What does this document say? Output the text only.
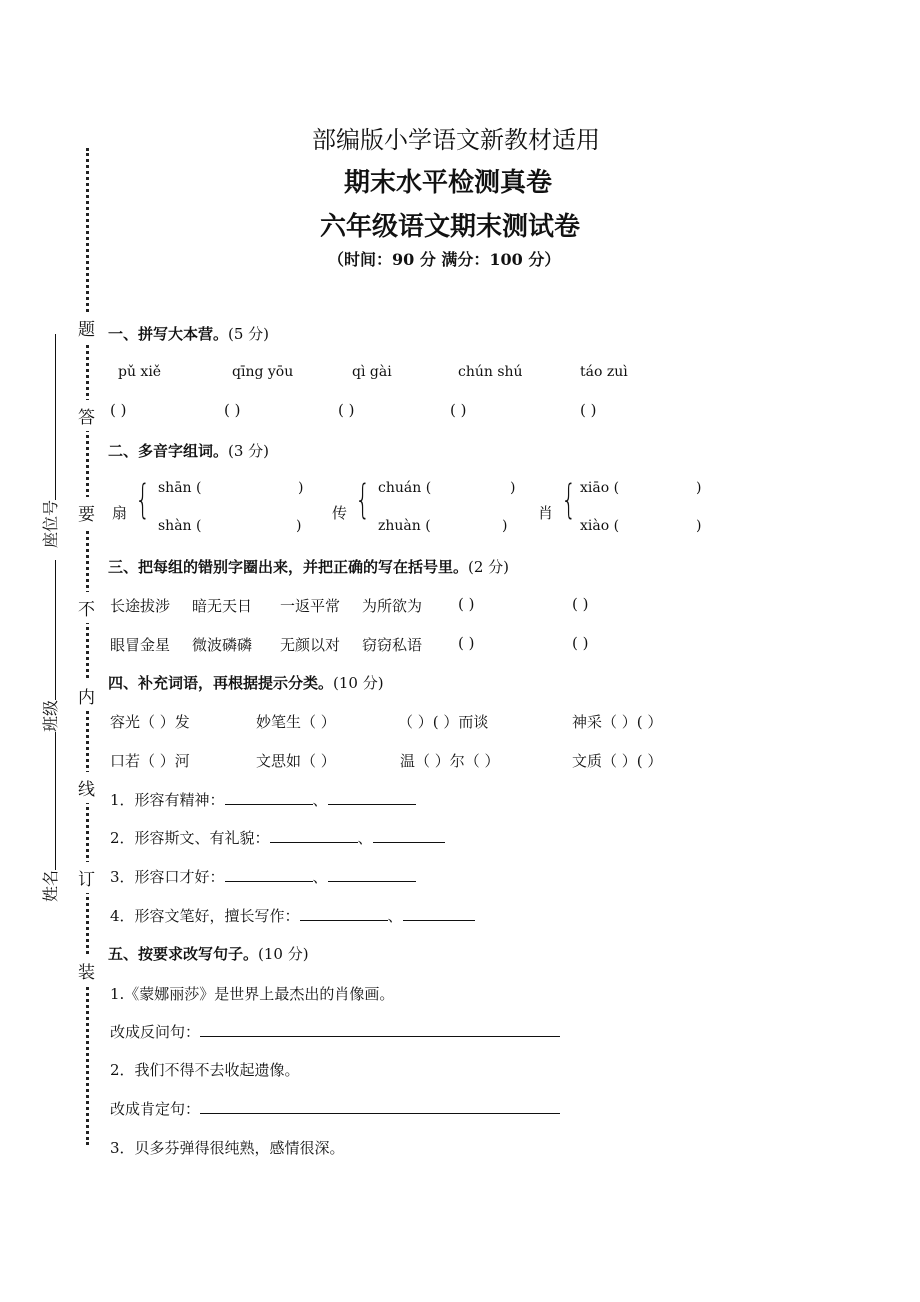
题
答
要
不
内
线
订
装
座位号
班级
姓名
部编版小学语文新教材适用
期末水平检测真卷
六年级语文期末测试卷
（时间：90 分 满分：100 分）
一、拼写大本营。(5 分)
pǔ xiě	qīng yōu	qì gài	chún shú	táo zuì
( )	( )	( )	( )	( )
二、多音字组词。(3 分)
扇 { shān (	)
shàn (	)
传 { chuán (	)
zhuàn (	)
肖 { xiāo (	)
xiào (	)
三、把每组的错别字圈出来，并把正确的写在括号里。(2 分)
长途拔涉 暗无天日 一返平常 为所欲为 ( )	( )
眼冒金星 微波磷磷 无颜以对 窃窃私语 ( )	( )
四、补充词语，再根据提示分类。(10 分)
容光（ ）发	妙笔生（ ）	（ ）( ）而谈	神采（ ）( ）
口若（ ）河	文思如（ ）	温（ ）尔（ ）	文质（ ）( ）
1．形容有精神：	、
2．形容斯文、有礼貌：	、
3．形容口才好：	、
4．形容文笔好，擅长写作：	、
五、按要求改写句子。(10 分)
1.《蒙娜丽莎》是世界上最杰出的肖像画。
改成反问句：
2．我们不得不去收起遗像。
改成肯定句：
3．贝多芬弹得很纯熟，感情很深。
